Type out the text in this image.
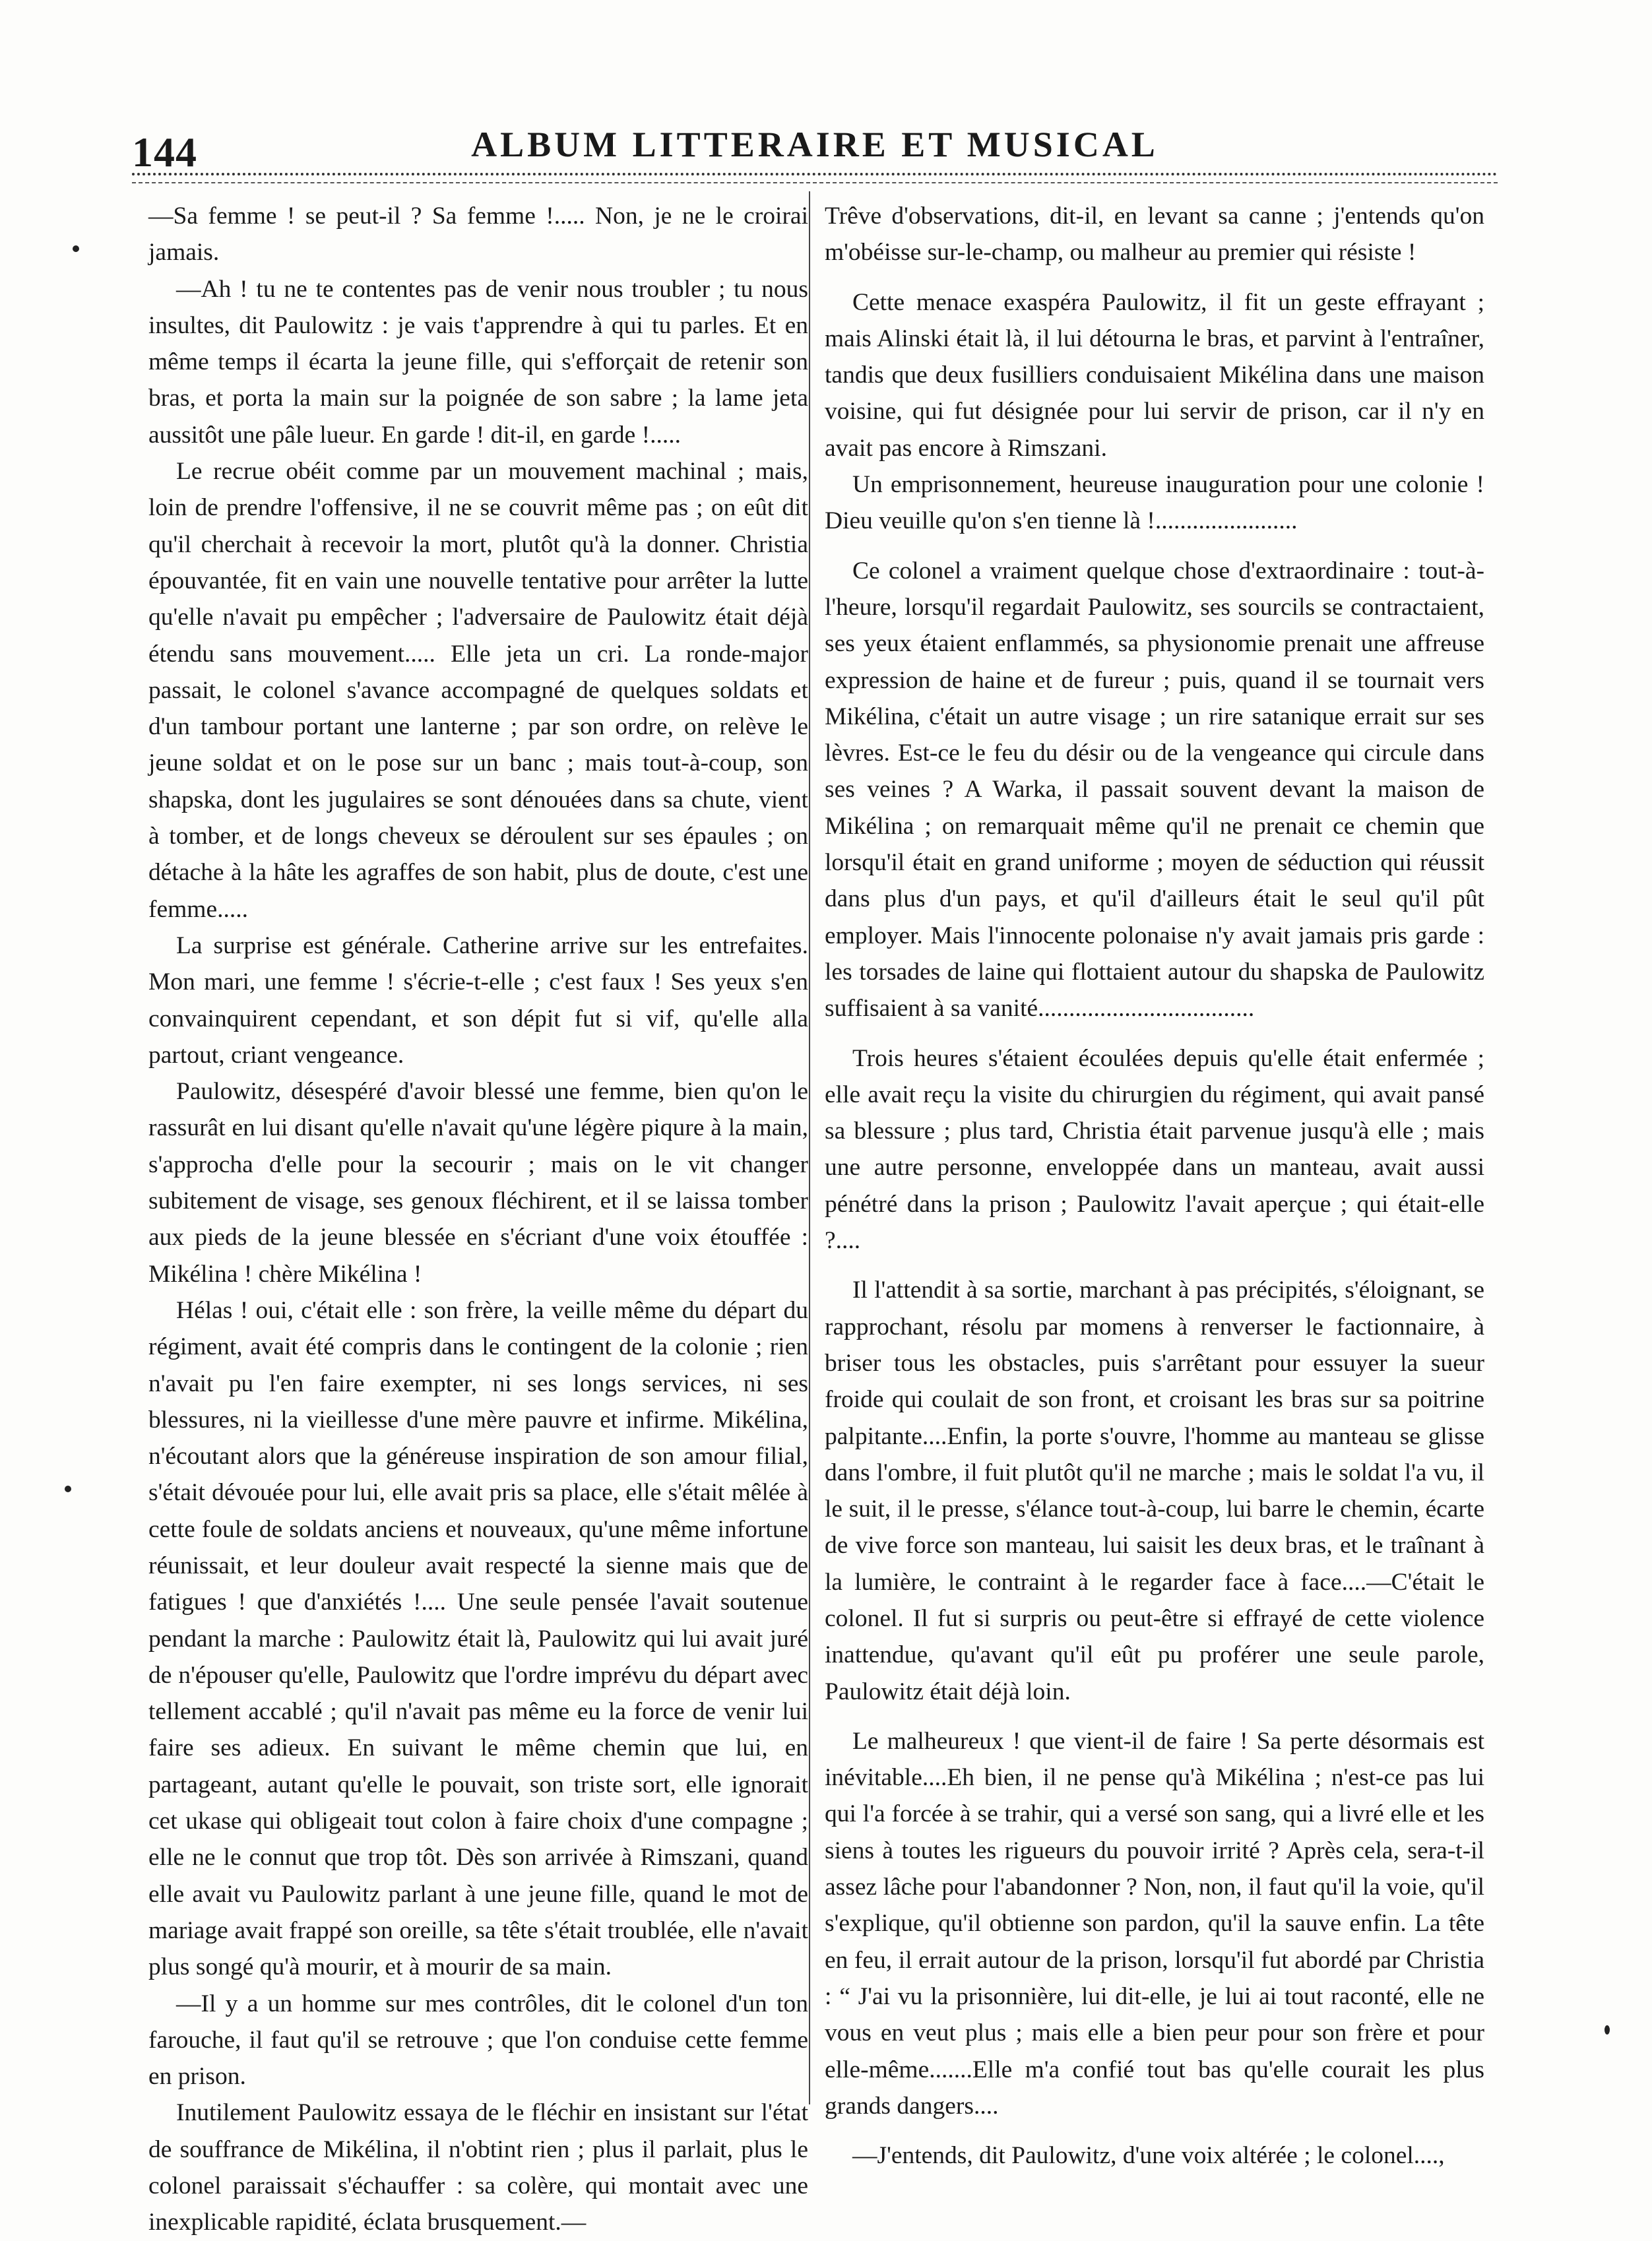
144	ALBUM LITTERAIRE ET MUSICAL

—Sa femme ! se peut-il ? Sa femme !..... Non, je ne le croirai jamais.

—Ah ! tu ne te contentes pas de venir nous troubler ; tu nous insultes, dit Paulowitz : je vais t'apprendre à qui tu parles. Et en même temps il écarta la jeune fille, qui s'efforçait de retenir son bras, et porta la main sur la poignée de son sabre ; la lame jeta aussitôt une pâle lueur. En garde ! dit-il, en garde !.....

Le recrue obéit comme par un mouvement machinal ; mais, loin de prendre l'offensive, il ne se couvrit même pas ; on eût dit qu'il cherchait à recevoir la mort, plutôt qu'à la donner. Christia épouvantée, fit en vain une nouvelle tentative pour arrêter la lutte qu'elle n'avait pu empêcher ; l'adversaire de Paulowitz était déjà étendu sans mouvement..... Elle jeta un cri. La ronde-major passait, le colonel s'avance accompagné de quelques soldats et d'un tambour portant une lanterne ; par son ordre, on relève le jeune soldat et on le pose sur un banc ; mais tout-à-coup, son shapska, dont les jugulaires se sont dénouées dans sa chute, vient à tomber, et de longs cheveux se déroulent sur ses épaules ; on détache à la hâte les agraffes de son habit, plus de doute, c'est une femme.....

La surprise est générale. Catherine arrive sur les entrefaites. Mon mari, une femme ! s'écrie-t-elle ; c'est faux ! Ses yeux s'en convainquirent cependant, et son dépit fut si vif, qu'elle alla partout, criant vengeance.

Paulowitz, désespéré d'avoir blessé une femme, bien qu'on le rassurât en lui disant qu'elle n'avait qu'une légère piqure à la main, s'approcha d'elle pour la secourir ; mais on le vit changer subitement de visage, ses genoux fléchirent, et il se laissa tomber aux pieds de la jeune blessée en s'écriant d'une voix étouffée : Mikélina ! chère Mikélina !

Hélas ! oui, c'était elle : son frère, la veille même du départ du régiment, avait été compris dans le contingent de la colonie ; rien n'avait pu l'en faire exempter, ni ses longs services, ni ses blessures, ni la vieillesse d'une mère pauvre et infirme. Mikélina, n'écoutant alors que la généreuse inspiration de son amour filial, s'était dévouée pour lui, elle avait pris sa place, elle s'était mêlée à cette foule de soldats anciens et nouveaux, qu'une même infortune réunissait, et leur douleur avait respecté la sienne mais que de fatigues ! que d'anxiétés !.... Une seule pensée l'avait soutenue pendant la marche : Paulowitz était là, Paulowitz qui lui avait juré de n'épouser qu'elle, Paulowitz que l'ordre imprévu du départ avec tellement accablé ; qu'il n'avait pas même eu la force de venir lui faire ses adieux. En suivant le même chemin que lui, en partageant, autant qu'elle le pouvait, son triste sort, elle ignorait cet ukase qui obligeait tout colon à faire choix d'une compagne ; elle ne le connut que trop tôt. Dès son arrivée à Rimszani, quand elle avait vu Paulowitz parlant à une jeune fille, quand le mot de mariage avait frappé son oreille, sa tête s'était troublée, elle n'avait plus songé qu'à mourir, et à mourir de sa main.

—Il y a un homme sur mes contrôles, dit le colonel d'un ton farouche, il faut qu'il se retrouve ; que l'on conduise cette femme en prison.

Inutilement Paulowitz essaya de le fléchir en insistant sur l'état de souffrance de Mikélina, il n'obtint rien ; plus il parlait, plus le colonel paraissait s'échauffer : sa colère, qui montait avec une inexplicable rapidité, éclata brusquement.—

Trêve d'observations, dit-il, en levant sa canne ; j'entends qu'on m'obéisse sur-le-champ, ou malheur au premier qui résiste !

Cette menace exaspéra Paulowitz, il fit un geste effrayant ; mais Alinski était là, il lui détourna le bras, et parvint à l'entraîner, tandis que deux fusilliers conduisaient Mikélina dans une maison voisine, qui fut désignée pour lui servir de prison, car il n'y en avait pas encore à Rimszani.

Un emprisonnement, heureuse inauguration pour une colonie ! Dieu veuille qu'on s'en tienne là !.......................

Ce colonel a vraiment quelque chose d'extraordinaire : tout-à-l'heure, lorsqu'il regardait Paulowitz, ses sourcils se contractaient, ses yeux étaient enflammés, sa physionomie prenait une affreuse expression de haine et de fureur ; puis, quand il se tournait vers Mikélina, c'était un autre visage ; un rire satanique errait sur ses lèvres. Est-ce le feu du désir ou de la vengeance qui circule dans ses veines ? A Warka, il passait souvent devant la maison de Mikélina ; on remarquait même qu'il ne prenait ce chemin que lorsqu'il était en grand uniforme ; moyen de séduction qui réussit dans plus d'un pays, et qu'il d'ailleurs était le seul qu'il pût employer. Mais l'innocente polonaise n'y avait jamais pris garde : les torsades de laine qui flottaient autour du shapska de Paulowitz suffisaient à sa vanité...................................

Trois heures s'étaient écoulées depuis qu'elle était enfermée ; elle avait reçu la visite du chirurgien du régiment, qui avait pansé sa blessure ; plus tard, Christia était parvenue jusqu'à elle ; mais une autre personne, enveloppée dans un manteau, avait aussi pénétré dans la prison ; Paulowitz l'avait aperçue ; qui était-elle ?....

Il l'attendit à sa sortie, marchant à pas précipités, s'éloignant, se rapprochant, résolu par momens à renverser le factionnaire, à briser tous les obstacles, puis s'arrêtant pour essuyer la sueur froide qui coulait de son front, et croisant les bras sur sa poitrine palpitante....Enfin, la porte s'ouvre, l'homme au manteau se glisse dans l'ombre, il fuit plutôt qu'il ne marche ; mais le soldat l'a vu, il le suit, il le presse, s'élance tout-à-coup, lui barre le chemin, écarte de vive force son manteau, lui saisit les deux bras, et le traînant à la lumière, le contraint à le regarder face à face....—C'était le colonel. Il fut si surpris ou peut-être si effrayé de cette violence inattendue, qu'avant qu'il eût pu proférer une seule parole, Paulowitz était déjà loin.

Le malheureux ! que vient-il de faire ! Sa perte désormais est inévitable....Eh bien, il ne pense qu'à Mikélina ; n'est-ce pas lui qui l'a forcée à se trahir, qui a versé son sang, qui a livré elle et les siens à toutes les rigueurs du pouvoir irrité ? Après cela, sera-t-il assez lâche pour l'abandonner ? Non, non, il faut qu'il la voie, qu'il s'explique, qu'il obtienne son pardon, qu'il la sauve enfin. La tête en feu, il errait autour de la prison, lorsqu'il fut abordé par Christia : “ J'ai vu la prisonnière, lui dit-elle, je lui ai tout raconté, elle ne vous en veut plus ; mais elle a bien peur pour son frère et pour elle-même.......Elle m'a confié tout bas qu'elle courait les plus grands dangers....

—J'entends, dit Paulowitz, d'une voix altérée ; le colonel....,
